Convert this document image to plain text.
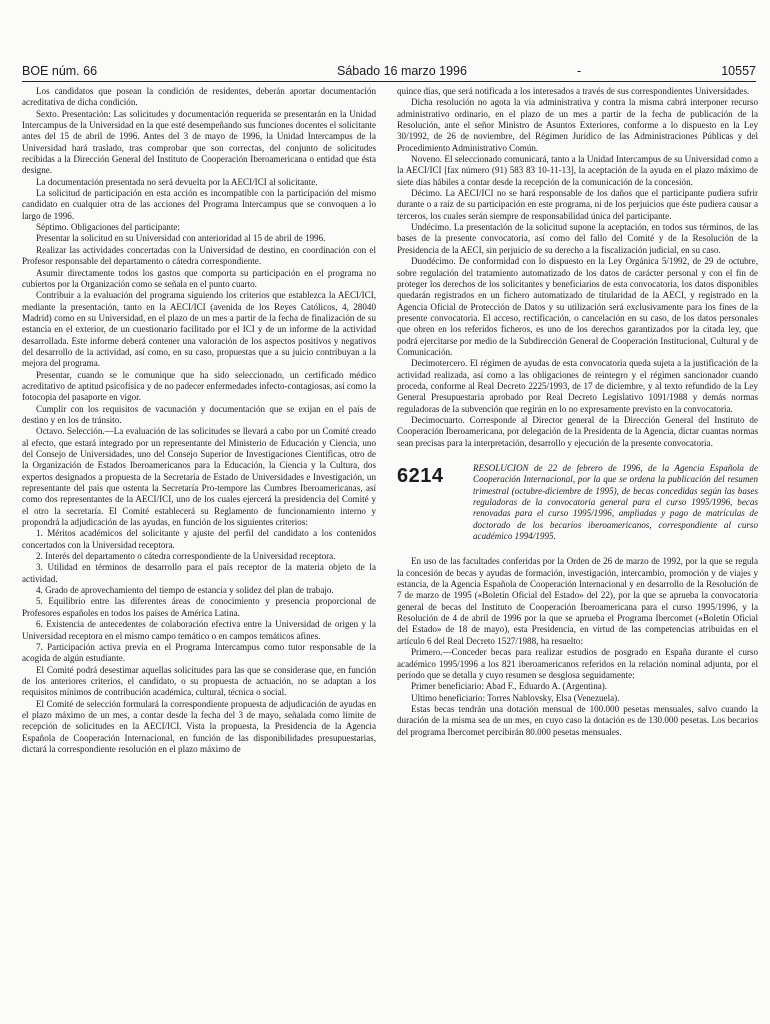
BOE núm. 66	Sábado 16 marzo 1996	-	10557

Los candidatos que posean la condición de residentes, deberán aportar documentación acreditativa de dicha condición.

Sexto. Presentación: Las solicitudes y documentación requerida se presentarán en la Unidad Intercampus de la Universidad en la que esté desempeñando sus funciones docentes el solicitante antes del 15 de abril de 1996. Antes del 3 de mayo de 1996, la Unidad Intercampus de la Universidad hará traslado, tras comprobar que son correctas, del conjunto de solicitudes recibidas a la Dirección General del Instituto de Cooperación Iberoamericana o entidad que ésta designe.

La documentación presentada no será devuelta por la AECI/ICI al solicitante.

La solicitud de participación en esta acción es incompatible con la participación del mismo candidato en cualquier otra de las acciones del Programa Intercampus que se convoquen a lo largo de 1996.

Séptimo. Obligaciones del participante:

Presentar la solicitud en su Universidad con anterioridad al 15 de abril de 1996.

Realizar las actividades concertadas con la Universidad de destino, en coordinación con el Profesor responsable del departamento o cátedra correspondiente.

Asumir directamente todos los gastos que comporta su participación en el programa no cubiertos por la Organización como se señala en el punto cuarto.

Contribuir a la evaluación del programa siguiendo los criterios que establezca la AECI/ICI, mediante la presentación, tanto en la AECI/ICI (avenida de los Reyes Católicos, 4, 28040 Madrid) como en su Universidad, en el plazo de un mes a partir de la fecha de finalización de su estancia en el exterior, de un cuestionario facilitado por el ICI y de un informe de la actividad desarrollada. Este informe deberá contener una valoración de los aspectos positivos y negativos del desarrollo de la actividad, así como, en su caso, propuestas que a su juicio contribuyan a la mejora del programa.

Presentar, cuando se le comunique que ha sido seleccionado, un certificado médico acreditativo de aptitud psicofísica y de no padecer enfermedades infecto-contagiosas, así como la fotocopia del pasaporte en vigor.

Cumplir con los requisitos de vacunación y documentación que se exijan en el país de destino y en los de tránsito.

Octavo. Selección.—La evaluación de las solicitudes se llevará a cabo por un Comité creado al efecto, que estará integrado por un representante del Ministerio de Educación y Ciencia, uno del Consejo de Universidades, uno del Consejo Superior de Investigaciones Científicas, otro de la Organización de Estados Iberoamericanos para la Educación, la Ciencia y la Cultura, dos expertos designados a propuesta de la Secretaría de Estado de Universidades e Investigación, un representante del país que ostenta la Secretaría Pro-tempore las Cumbres Iberoamericanas, así como dos representantes de la AECI/ICI, uno de los cuales ejercerá la presidencia del Comité y el otro la secretaría. El Comité establecerá su Reglamento de funcionamiento interno y propondrá la adjudicación de las ayudas, en función de los siguientes criterios:

1. Méritos académicos del solicitante y ajuste del perfil del candidato a los contenidos concertados con la Universidad receptora.

2. Interés del departamento o cátedra correspondiente de la Universidad receptora.

3. Utilidad en términos de desarrollo para el país receptor de la materia objeto de la actividad.

4. Grado de aprovechamiento del tiempo de estancia y solidez del plan de trabajo.

5. Equilibrio entre las diferentes áreas de conocimiento y presencia proporcional de Profesores españoles en todos los países de América Latina.

6. Existencia de antecedentes de colaboración efectiva entre la Universidad de origen y la Universidad receptora en el mismo campo temático o en campos temáticos afines.

7. Participación activa previa en el Programa Intercampus como tutor responsable de la acogida de algún estudiante.

El Comité podrá desestimar aquellas solicitudes para las que se considerase que, en función de los anteriores criterios, el candidato, o su propuesta de actuación, no se adaptan a los requisitos mínimos de contribución académica, cultural, técnica o social.

El Comité de selección formulará la correspondiente propuesta de adjudicación de ayudas en el plazo máximo de un mes, a contar desde la fecha del 3 de mayo, señalada como límite de recepción de solicitudes en la AECI/ICI. Vista la propuesta, la Presidencia de la Agencia Española de Cooperación Internacional, en función de las disponibilidades presupuestarias, dictará la correspondiente resolución en el plazo máximo de

quince días, que será notificada a los interesados a través de sus correspondientes Universidades.

Dicha resolución no agota la vía administrativa y contra la misma cabrá interponer recurso administrativo ordinario, en el plazo de un mes a partir de la fecha de publicación de la Resolución, ante el señor Ministro de Asuntos Exteriores, conforme a lo dispuesto en la Ley 30/1992, de 26 de noviembre, del Régimen Jurídico de las Administraciones Públicas y del Procedimiento Administrativo Común.

Noveno. El seleccionado comunicará, tanto a la Unidad Intercampus de su Universidad como a la AECI/ICI [fax número (91) 583 83 10-11-13], la aceptación de la ayuda en el plazo máximo de siete días hábiles a contar desde la recepción de la comunicación de la concesión.

Décimo. La AECI/ICI no se hará responsable de los daños que el participante pudiera sufrir durante o a raíz de su participación en este programa, ni de los perjuicios que éste pudiera causar a terceros, los cuales serán siempre de responsabilidad única del participante.

Undécimo. La presentación de la solicitud supone la aceptación, en todos sus términos, de las bases de la presente convocatoria, así como del fallo del Comité y de la Resolución de la Presidencia de la AECI, sin perjuicio de su derecho a la fiscalización judicial, en su caso.

Duodécimo. De conformidad con lo dispuesto en la Ley Orgánica 5/1992, de 29 de octubre, sobre regulación del tratamiento automatizado de los datos de carácter personal y con el fin de proteger los derechos de los solicitantes y beneficiarios de esta convocatoria, los datos disponibles quedarán registrados en un fichero automatizado de titularidad de la AECI, y registrado en la Agencia Oficial de Protección de Datos y su utilización será exclusivamente para los fines de la presente convocatoria. El acceso, rectificación, o cancelación en su caso, de los datos personales que obren en los referidos ficheros, es uno de los derechos garantizados por la citada ley, que podrá ejercitarse por medio de la Subdirección General de Cooperación Institucional, Cultural y de Comunicación.

Decimotercero. El régimen de ayudas de esta convocatoria queda sujeta a la justificación de la actividad realizada, así como a las obligaciones de reintegro y el régimen sancionador cuando proceda, conforme al Real Decreto 2225/1993, de 17 de diciembre, y al texto refundido de la Ley General Presupuestaria aprobado por Real Decreto Legislativo 1091/1988 y demás normas reguladoras de la subvención que regirán en lo no expresamente previsto en la convocatoria.

Decimocuarto. Corresponde al Director general de la Dirección General del Instituto de Cooperación Iberoamericana, por delegación de la Presidenta de la Agencia, dictar cuantas normas sean precisas para la interpretación, desarrollo y ejecución de la presente convocatoria.

6214	RESOLUCION de 22 de febrero de 1996, de la Agencia Española de Cooperación Internacional, por la que se ordena la publicación del resumen trimestral (octubre-diciembre de 1995), de becas concedidas según las bases reguladoras de la convocatoria general para el curso 1995/1996, becas renovadas para el curso 1995/1996, ampliadas y pago de matrículas de doctorado de los becarios iberoamericanos, correspondiente al curso académico 1994/1995.

En uso de las facultades conferidas por la Orden de 26 de marzo de 1992, por la que se regula la concesión de becas y ayudas de formación, investigación, intercambio, promoción y de viajes y estancia, de la Agencia Española de Cooperación Internacional y en desarrollo de la Resolución de 7 de marzo de 1995 («Boletín Oficial del Estado» del 22), por la que se aprueba la convocatoria general de becas del Instituto de Cooperación Iberoamericana para el curso 1995/1996, y la Resolución de 4 de abril de 1996 por la que se aprueba el Programa Ibercomet («Boletín Oficial del Estado» de 18 de mayo), esta Presidencia, en virtud de las competencias atribuidas en el artículo 6 del Real Decreto 1527/1988, ha resuelto:

Primero.—Conceder becas para realizar estudios de posgrado en España durante el curso académico 1995/1996 a los 821 iberoamericanos referidos en la relación nominal adjunta, por el período que se detalla y cuyo resumen se desglosa seguidamente:

Primer beneficiario: Abad F., Eduardo A. (Argentina).

Ultimo beneficiario: Torres Nablovsky, Elsa (Venezuela).

Estas becas tendrán una dotación mensual de 100.000 pesetas mensuales, salvo cuando la duración de la misma sea de un mes, en cuyo caso la dotación es de 130.000 pesetas. Los becarios del programa Ibercomet percibirán 80.000 pesetas mensuales.
